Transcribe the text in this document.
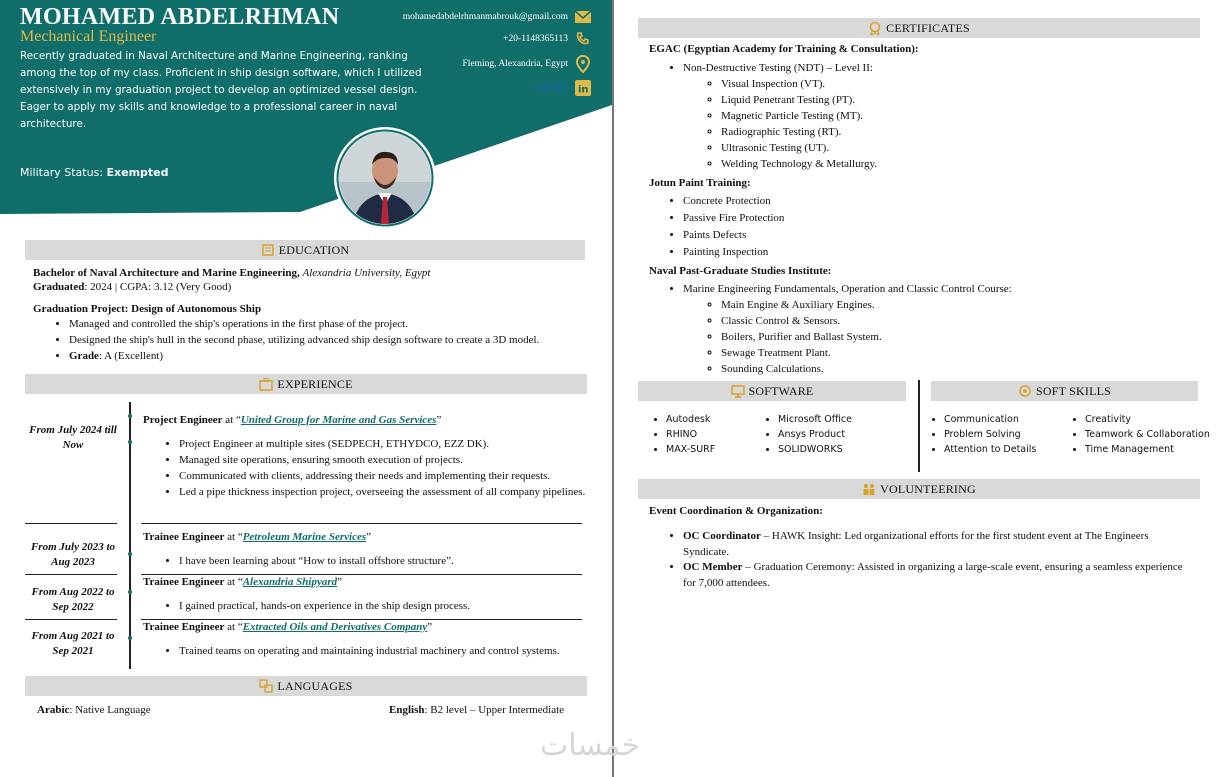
MOHAMED ABDELRHMAN
Mechanical Engineer
Recently graduated in Naval Architecture and Marine Engineering, ranking among the top of my class. Proficient in ship design software, which I utilized extensively in my graduation project to develop an optimized vessel design. Eager to apply my skills and knowledge to a professional career in naval architecture.
Military Status: Exempted
mohamedabdelrhmanmabrouk@gmail.com
+20-1148365113
Fleming, Alexandria, Egypt
LinkedIn in
EDUCATION
Bachelor of Naval Architecture and Marine Engineering, Alexandria University, Egypt
Graduated: 2024 | CGPA: 3.12 (Very Good)
Graduation Project: Design of Autonomous Ship
• Managed and controlled the ship's operations in the first phase of the project.
• Designed the ship's hull in the second phase, utilizing advanced ship design software to create a 3D model.
• Grade: A (Excellent)
EXPERIENCE
From July 2024 till Now
Project Engineer at “United Group for Marine and Gas Services”
• Project Engineer at multiple sites (SEDPECH, ETHYDCO, EZZ DK).
• Managed site operations, ensuring smooth execution of projects.
• Communicated with clients, addressing their needs and implementing their requests.
• Led a pipe thickness inspection project, overseeing the assessment of all company pipelines.
From July 2023 to Aug 2023
Trainee Engineer at “Petroleum Marine Services”
• I have been learning about “How to install offshore structure”.
From Aug 2022 to Sep 2022
Trainee Engineer at “Alexandria Shipyard”
• I gained practical, hands-on experience in the ship design process.
From Aug 2021 to Sep 2021
Trainee Engineer at “Extracted Oils and Derivatives Company”
• Trained teams on operating and maintaining industrial machinery and control systems.
LANGUAGES
Arabic: Native Language	English: B2 level – Upper Intermediate
CERTIFICATES
EGAC (Egyptian Academy for Training & Consultation):
• Non-Destructive Testing (NDT) – Level II:
◦ Visual Inspection (VT).
◦ Liquid Penetrant Testing (PT).
◦ Magnetic Particle Testing (MT).
◦ Radiographic Testing (RT).
◦ Ultrasonic Testing (UT).
◦ Welding Technology & Metallurgy.
Jotun Paint Training:
• Concrete Protection
• Passive Fire Protection
• Paints Defects
• Painting Inspection
Naval Past-Graduate Studies Institute:
• Marine Engineering Fundamentals, Operation and Classic Control Course:
◦ Main Engine & Auxiliary Engines.
◦ Classic Control & Sensors.
◦ Boilers, Purifier and Ballast System.
◦ Sewage Treatment Plant.
◦ Sounding Calculations.
SOFTWARE
• Autodesk
• RHINO
• MAX-SURF
• Microsoft Office
• Ansys Product
• SOLIDWORKS
SOFT SKILLS
• Communication
• Problem Solving
• Attention to Details
• Creativity
• Teamwork & Collaboration
• Time Management
VOLUNTEERING
Event Coordination & Organization:
• OC Coordinator – HAWK Insight: Led organizational efforts for the first student event at The Engineers Syndicate.
• OC Member – Graduation Ceremony: Assisted in organizing a large-scale event, ensuring a seamless experience for 7,000 attendees.
خمسات
